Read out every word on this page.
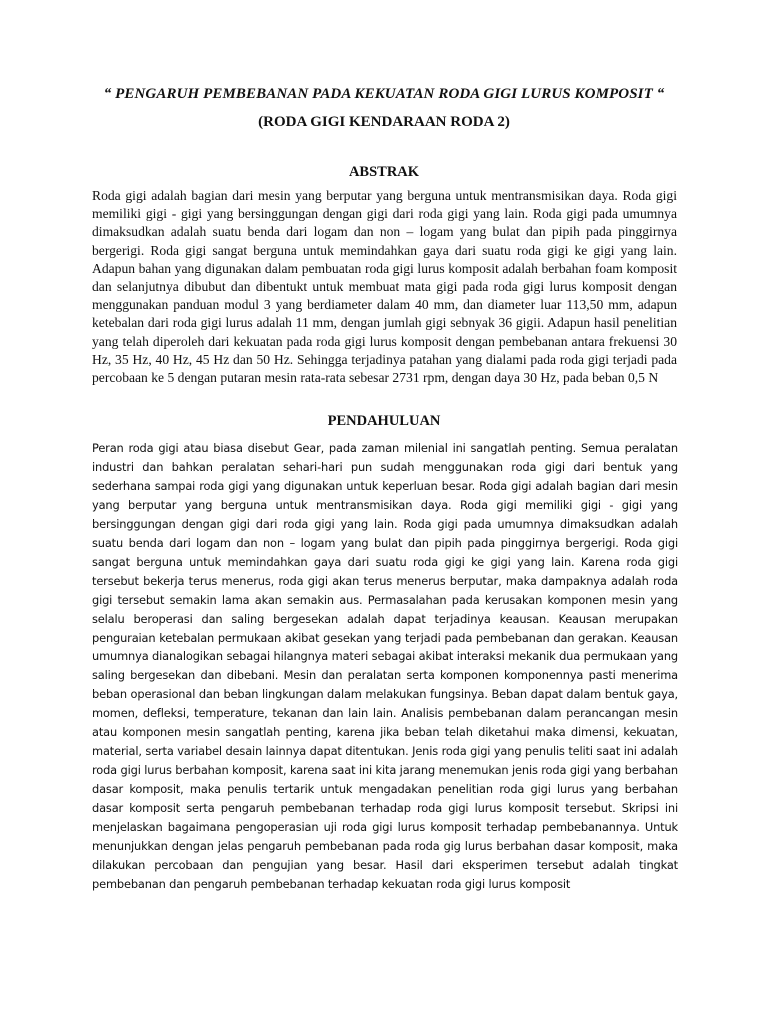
“ PENGARUH PEMBEBANAN PADA KEKUATAN RODA GIGI LURUS KOMPOSIT “
(RODA GIGI KENDARAAN RODA 2)
ABSTRAK

Roda gigi adalah bagian dari mesin yang berputar yang berguna untuk mentransmisikan daya. Roda gigi memiliki gigi - gigi yang bersinggungan dengan gigi dari roda gigi yang lain. Roda gigi pada umumnya dimaksudkan adalah suatu benda dari logam dan non – logam yang bulat dan pipih pada pinggirnya bergerigi. Roda gigi sangat berguna untuk memindahkan gaya dari suatu roda gigi ke gigi yang lain. Adapun bahan yang digunakan dalam pembuatan roda gigi lurus komposit adalah berbahan foam komposit dan selanjutnya dibubut dan dibentukt untuk membuat mata gigi pada roda gigi lurus komposit dengan menggunakan panduan modul 3 yang berdiameter dalam 40 mm, dan diameter luar 113,50 mm, adapun ketebalan dari roda gigi lurus adalah 11 mm, dengan jumlah gigi sebnyak 36 gigii. Adapun hasil penelitian yang telah diperoleh dari kekuatan pada roda gigi lurus komposit dengan pembebanan antara frekuensi 30 Hz, 35 Hz, 40 Hz, 45 Hz dan 50 Hz. Sehingga terjadinya patahan yang dialami pada roda gigi terjadi pada percobaan ke 5 dengan putaran mesin rata-rata sebesar 2731 rpm, dengan daya 30 Hz, pada beban 0,5 N

PENDAHULUAN

Peran roda gigi atau biasa disebut Gear, pada zaman milenial ini sangatlah penting. Semua peralatan industri dan bahkan peralatan sehari-hari pun sudah menggunakan roda gigi dari bentuk yang sederhana sampai roda gigi yang digunakan untuk keperluan besar. Roda gigi adalah bagian dari mesin yang berputar yang berguna untuk mentransmisikan daya. Roda gigi memiliki gigi - gigi yang bersinggungan dengan gigi dari roda gigi yang lain. Roda gigi pada umumnya dimaksudkan adalah suatu benda dari logam dan non – logam yang bulat dan pipih pada pinggirnya bergerigi. Roda gigi sangat berguna untuk memindahkan gaya dari suatu roda gigi ke gigi yang lain. Karena roda gigi tersebut bekerja terus menerus, roda gigi akan terus menerus berputar, maka dampaknya adalah roda gigi tersebut semakin lama akan semakin aus. Permasalahan pada kerusakan komponen mesin yang selalu beroperasi dan saling bergesekan adalah dapat terjadinya keausan. Keausan merupakan penguraian ketebalan permukaan akibat gesekan yang terjadi pada pembebanan dan gerakan. Keausan umumnya dianalogikan sebagai hilangnya materi sebagai akibat interaksi mekanik dua permukaan yang saling bergesekan dan dibebani. Mesin dan peralatan serta komponen komponennya pasti menerima beban operasional dan beban lingkungan dalam melakukan fungsinya. Beban dapat dalam bentuk gaya, momen, defleksi, temperature, tekanan dan lain lain. Analisis pembebanan dalam perancangan mesin atau komponen mesin sangatlah penting, karena jika beban telah diketahui maka dimensi, kekuatan, material, serta variabel desain lainnya dapat ditentukan. Jenis roda gigi yang penulis teliti saat ini adalah roda gigi lurus berbahan komposit, karena saat ini kita jarang menemukan jenis roda gigi yang berbahan dasar komposit, maka penulis tertarik untuk mengadakan penelitian roda gigi lurus yang berbahan dasar komposit serta pengaruh pembebanan terhadap roda gigi lurus komposit tersebut. Skripsi ini menjelaskan bagaimana pengoperasian uji roda gigi lurus komposit terhadap pembebanannya. Untuk menunjukkan dengan jelas pengaruh pembebanan pada roda gig lurus berbahan dasar komposit, maka dilakukan percobaan dan pengujian yang besar. Hasil dari eksperimen tersebut adalah tingkat pembebanan dan pengaruh pembebanan terhadap kekuatan roda gigi lurus komposit
